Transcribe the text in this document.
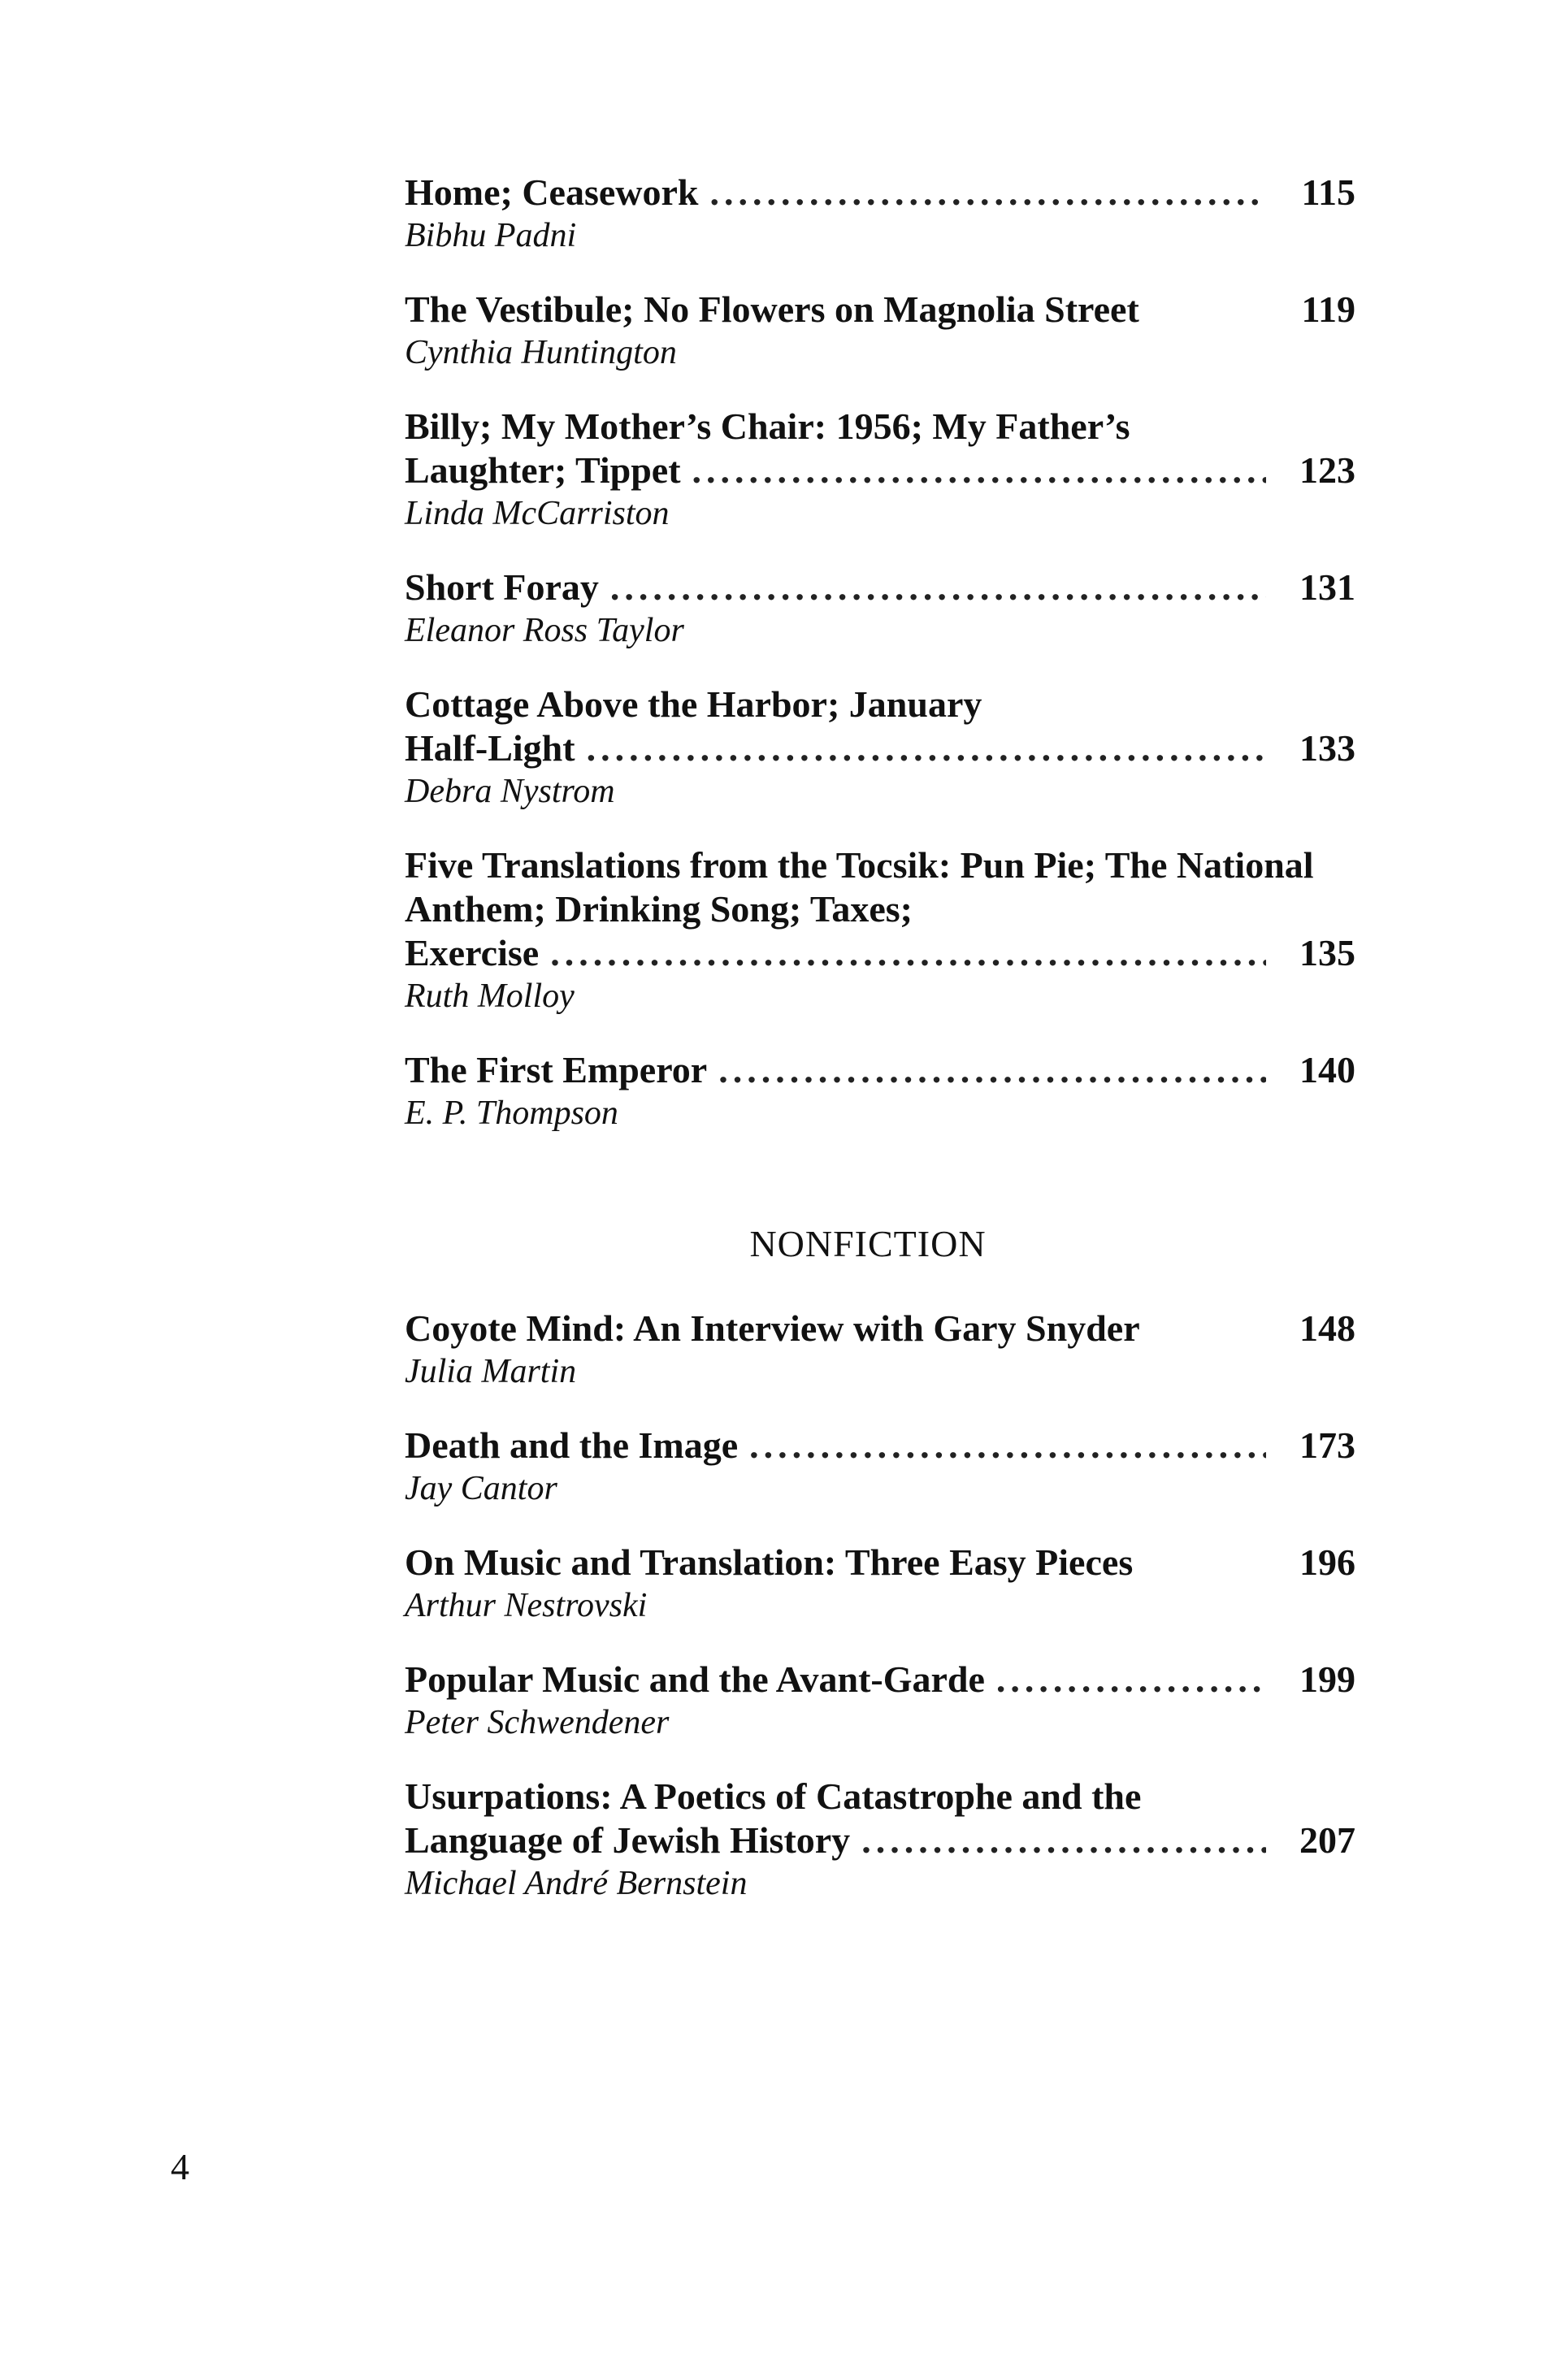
Home; Ceasework .....	115
Bibhu Padni
The Vestibule; No Flowers on Magnolia Street	119
Cynthia Huntington
Billy; My Mother’s Chair: 1956; My Father’s
Laughter; Tippet .....	123
Linda McCarriston
Short Foray .....	131
Eleanor Ross Taylor
Cottage Above the Harbor; January
Half-Light .....	133
Debra Nystrom
Five Translations from the Tocsik: Pun Pie; The National Anthem; Drinking Song; Taxes;
Exercise .....	135
Ruth Molloy
The First Emperor .....	140
E. P. Thompson
NONFICTION
Coyote Mind: An Interview with Gary Snyder	148
Julia Martin
Death and the Image .....	173
Jay Cantor
On Music and Translation: Three Easy Pieces	196
Arthur Nestrovski
Popular Music and the Avant-Garde .....	199
Peter Schwendener
Usurpations: A Poetics of Catastrophe and the
Language of Jewish History .....	207
Michael André Bernstein
4
